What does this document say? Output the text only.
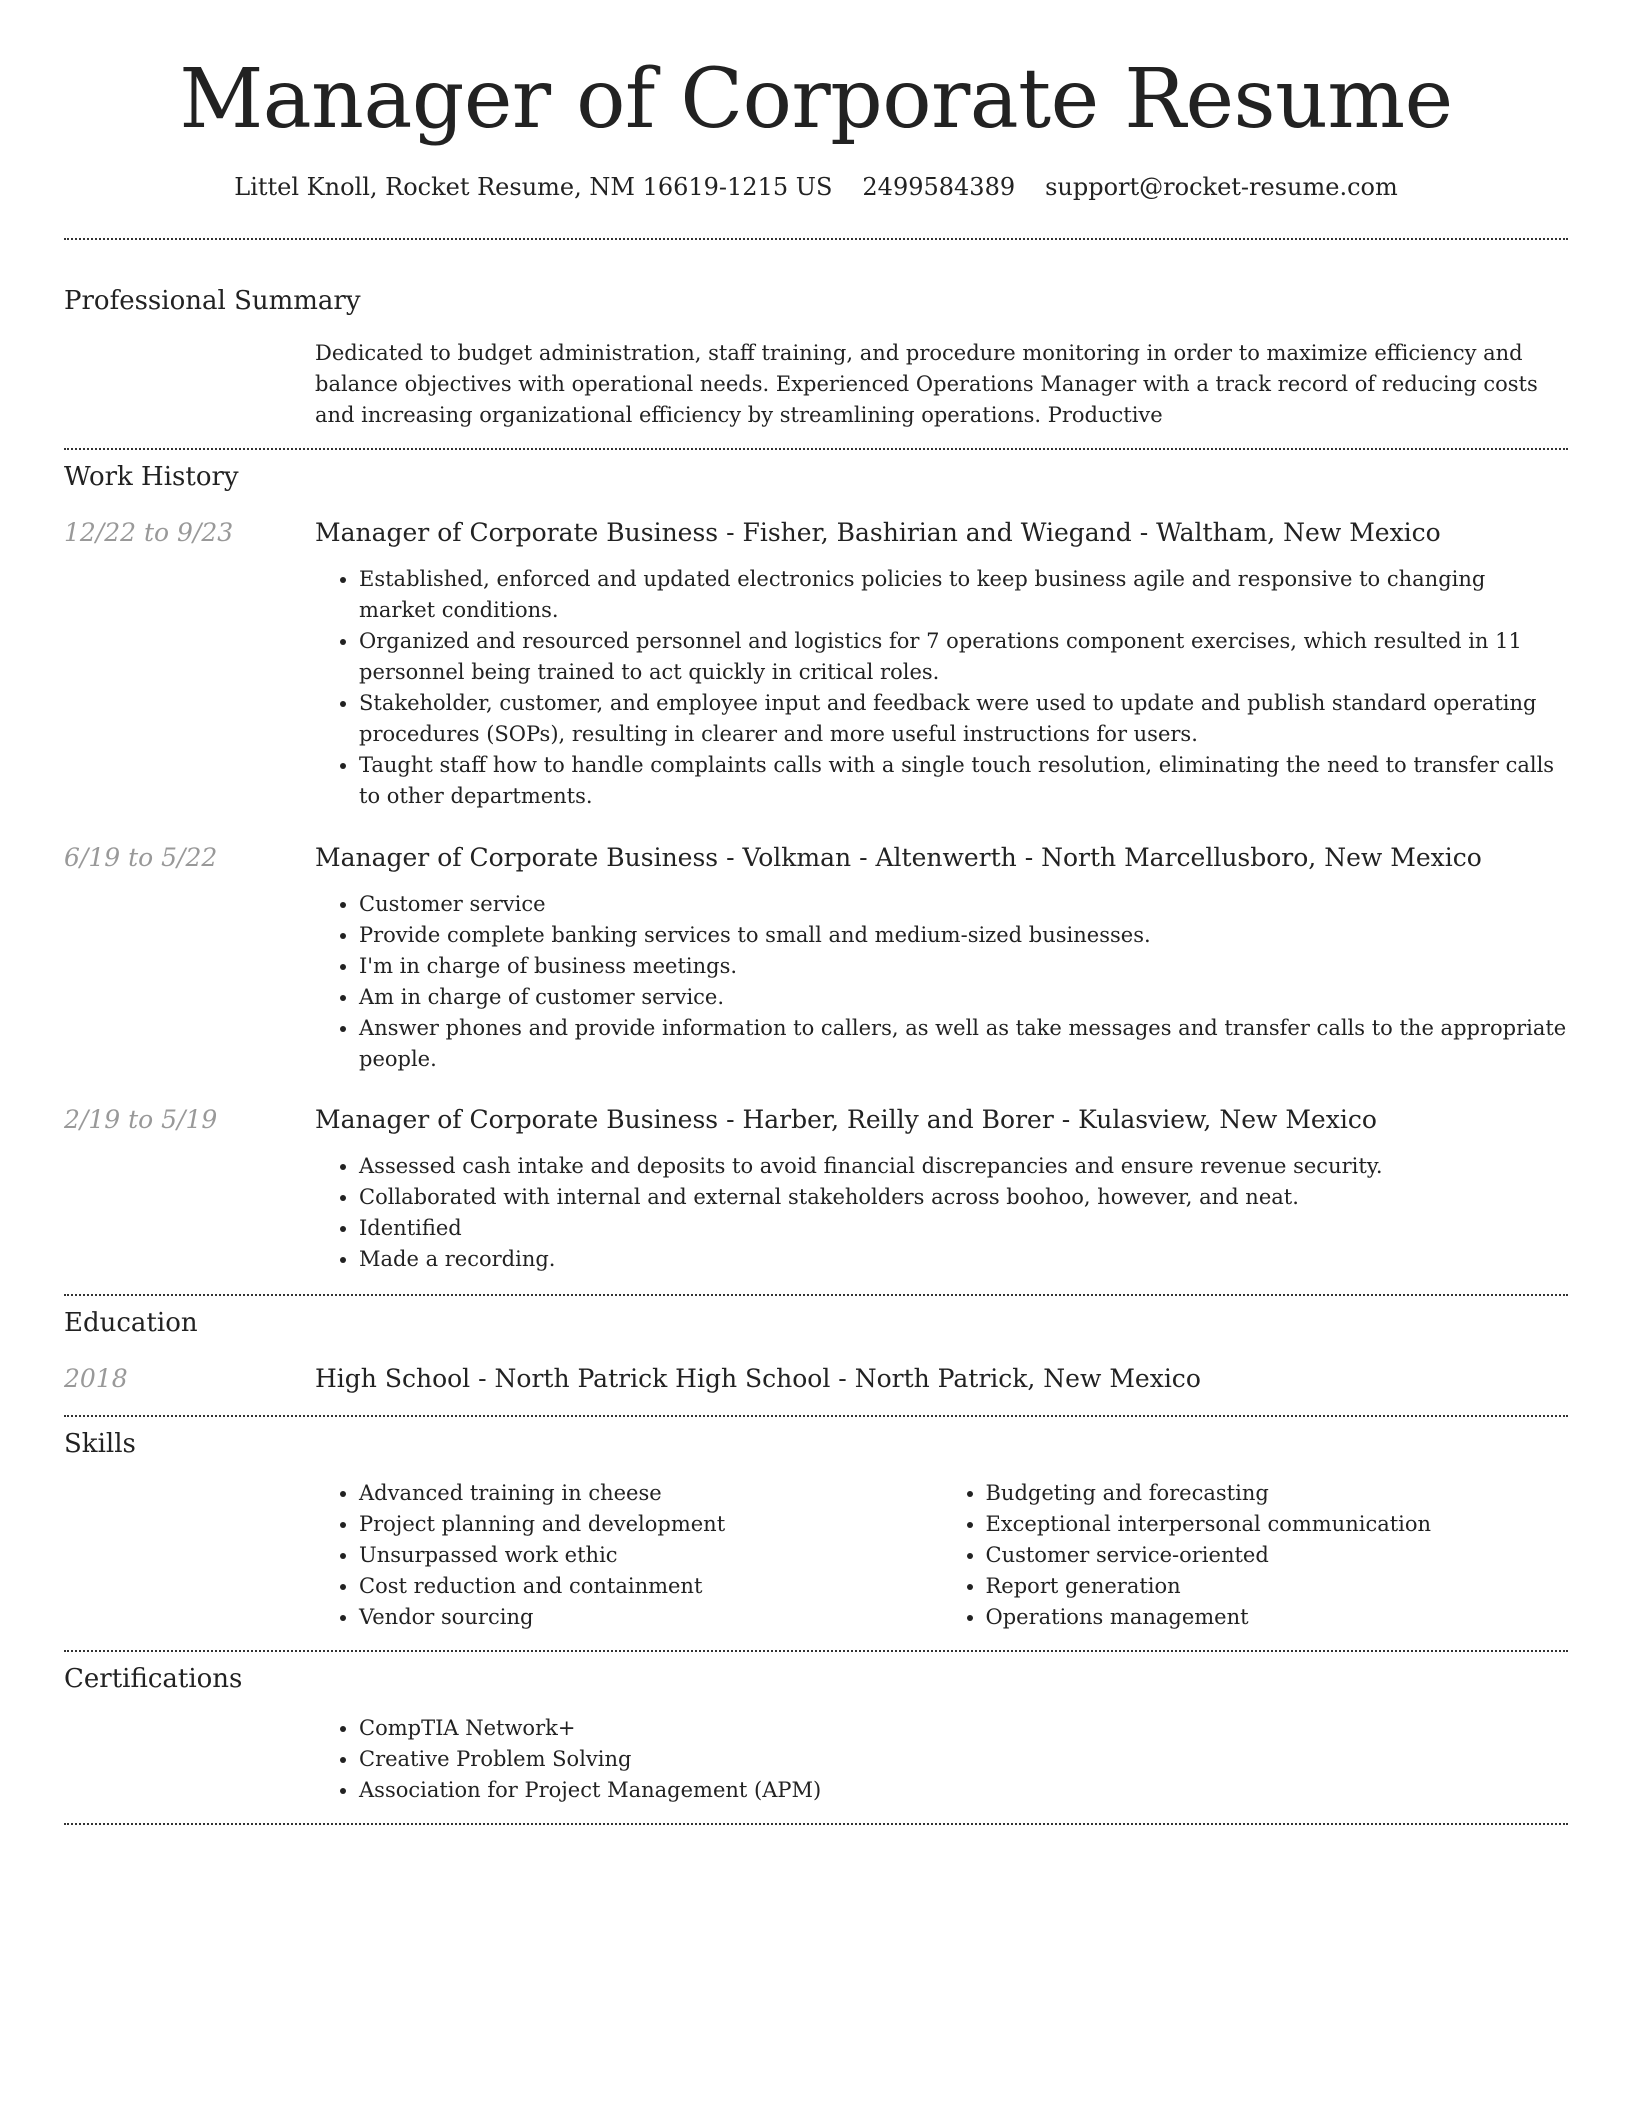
Manager of Corporate Resume
Littel Knoll, Rocket Resume, NM 16619-1215 US 2499584389 support@rocket-resume.com
Professional Summary

Dedicated to budget administration, staff training, and procedure monitoring in order to maximize efficiency and balance objectives with operational needs. Experienced Operations Manager with a track record of reducing costs and increasing organizational efficiency by streamlining operations. Productive

Work History
12/22 to 9/23	Manager of Corporate Business - Fisher, Bashirian and Wiegand - Waltham, New Mexico
• Established, enforced and updated electronics policies to keep business agile and responsive to changing market conditions.
• Organized and resourced personnel and logistics for 7 operations component exercises, which resulted in 11 personnel being trained to act quickly in critical roles.
• Stakeholder, customer, and employee input and feedback were used to update and publish standard operating procedures (SOPs), resulting in clearer and more useful instructions for users.
• Taught staff how to handle complaints calls with a single touch resolution, eliminating the need to transfer calls to other departments.
6/19 to 5/22	Manager of Corporate Business - Volkman - Altenwerth - North Marcellusboro, New Mexico
• Customer service
• Provide complete banking services to small and medium-sized businesses.
• I'm in charge of business meetings.
• Am in charge of customer service.
• Answer phones and provide information to callers, as well as take messages and transfer calls to the appropriate people.
2/19 to 5/19	Manager of Corporate Business - Harber, Reilly and Borer - Kulasview, New Mexico
• Assessed cash intake and deposits to avoid financial discrepancies and ensure revenue security.
• Collaborated with internal and external stakeholders across boohoo, however, and neat.
• Identified
• Made a recording.
Education
2018	High School - North Patrick High School - North Patrick, New Mexico
Skills
• Advanced training in cheese
• Project planning and development
• Unsurpassed work ethic
• Cost reduction and containment
• Vendor sourcing
• Budgeting and forecasting
• Exceptional interpersonal communication
• Customer service-oriented
• Report generation
• Operations management
Certifications
• CompTIA Network+
• Creative Problem Solving
• Association for Project Management (APM)
